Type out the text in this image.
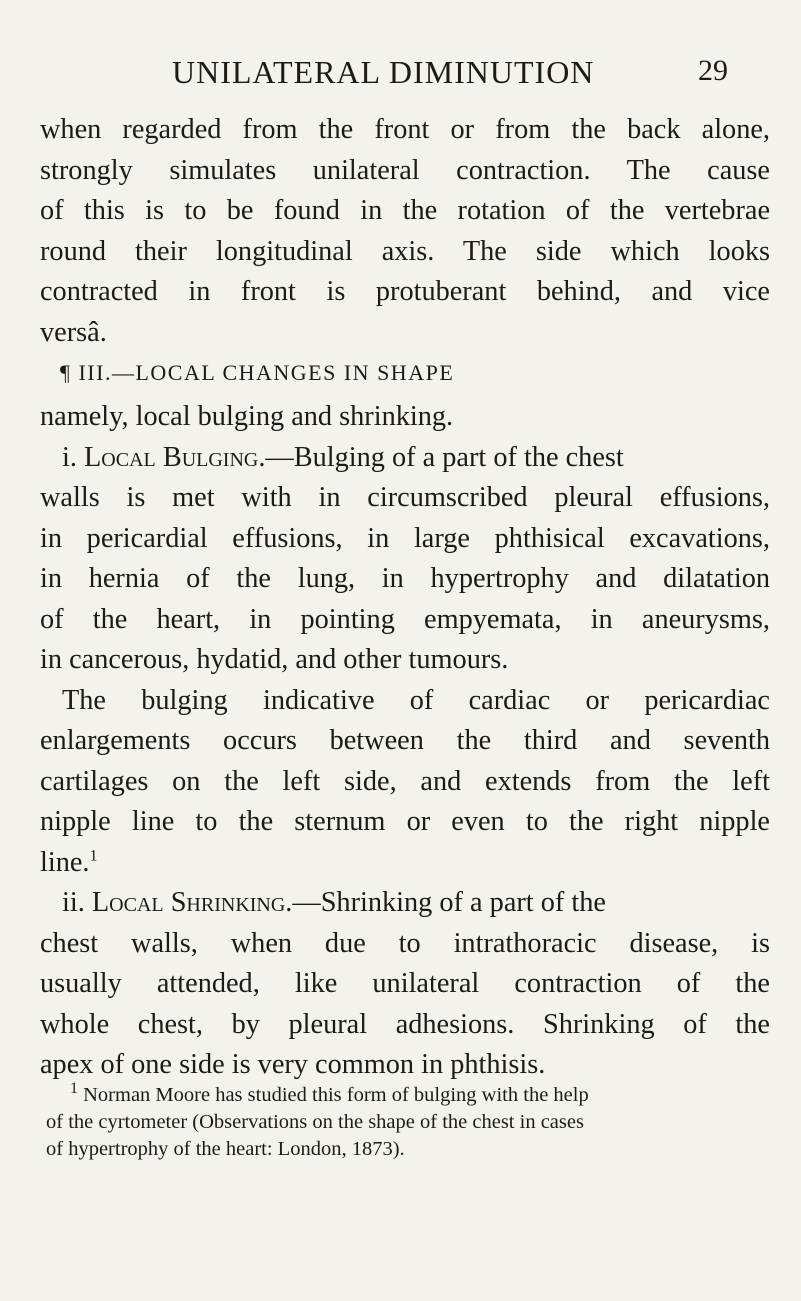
UNILATERAL DIMINUTION	29
when regarded from the front or from the back alone,
strongly simulates unilateral contraction. The cause
of this is to be found in the rotation of the vertebrae
round their longitudinal axis. The side which looks
contracted in front is protuberant behind, and vice
versâ.
¶ III.—LOCAL CHANGES IN SHAPE
namely, local bulging and shrinking.
i. Local Bulging.—Bulging of a part of the chest
walls is met with in circumscribed pleural effusions,
in pericardial effusions, in large phthisical excavations,
in hernia of the lung, in hypertrophy and dilatation
of the heart, in pointing empyemata, in aneurysms,
in cancerous, hydatid, and other tumours.
The bulging indicative of cardiac or pericardiac
enlargements occurs between the third and seventh
cartilages on the left side, and extends from the left
nipple line to the sternum or even to the right nipple
line.$^1$
ii. Local Shrinking.—Shrinking of a part of the
chest walls, when due to intrathoracic disease, is
usually attended, like unilateral contraction of the
whole chest, by pleural adhesions. Shrinking of the
apex of one side is very common in phthisis.
$^1$ Norman Moore has studied this form of bulging with the help
of the cyrtometer (Observations on the shape of the chest in cases
of hypertrophy of the heart: London, 1873).
